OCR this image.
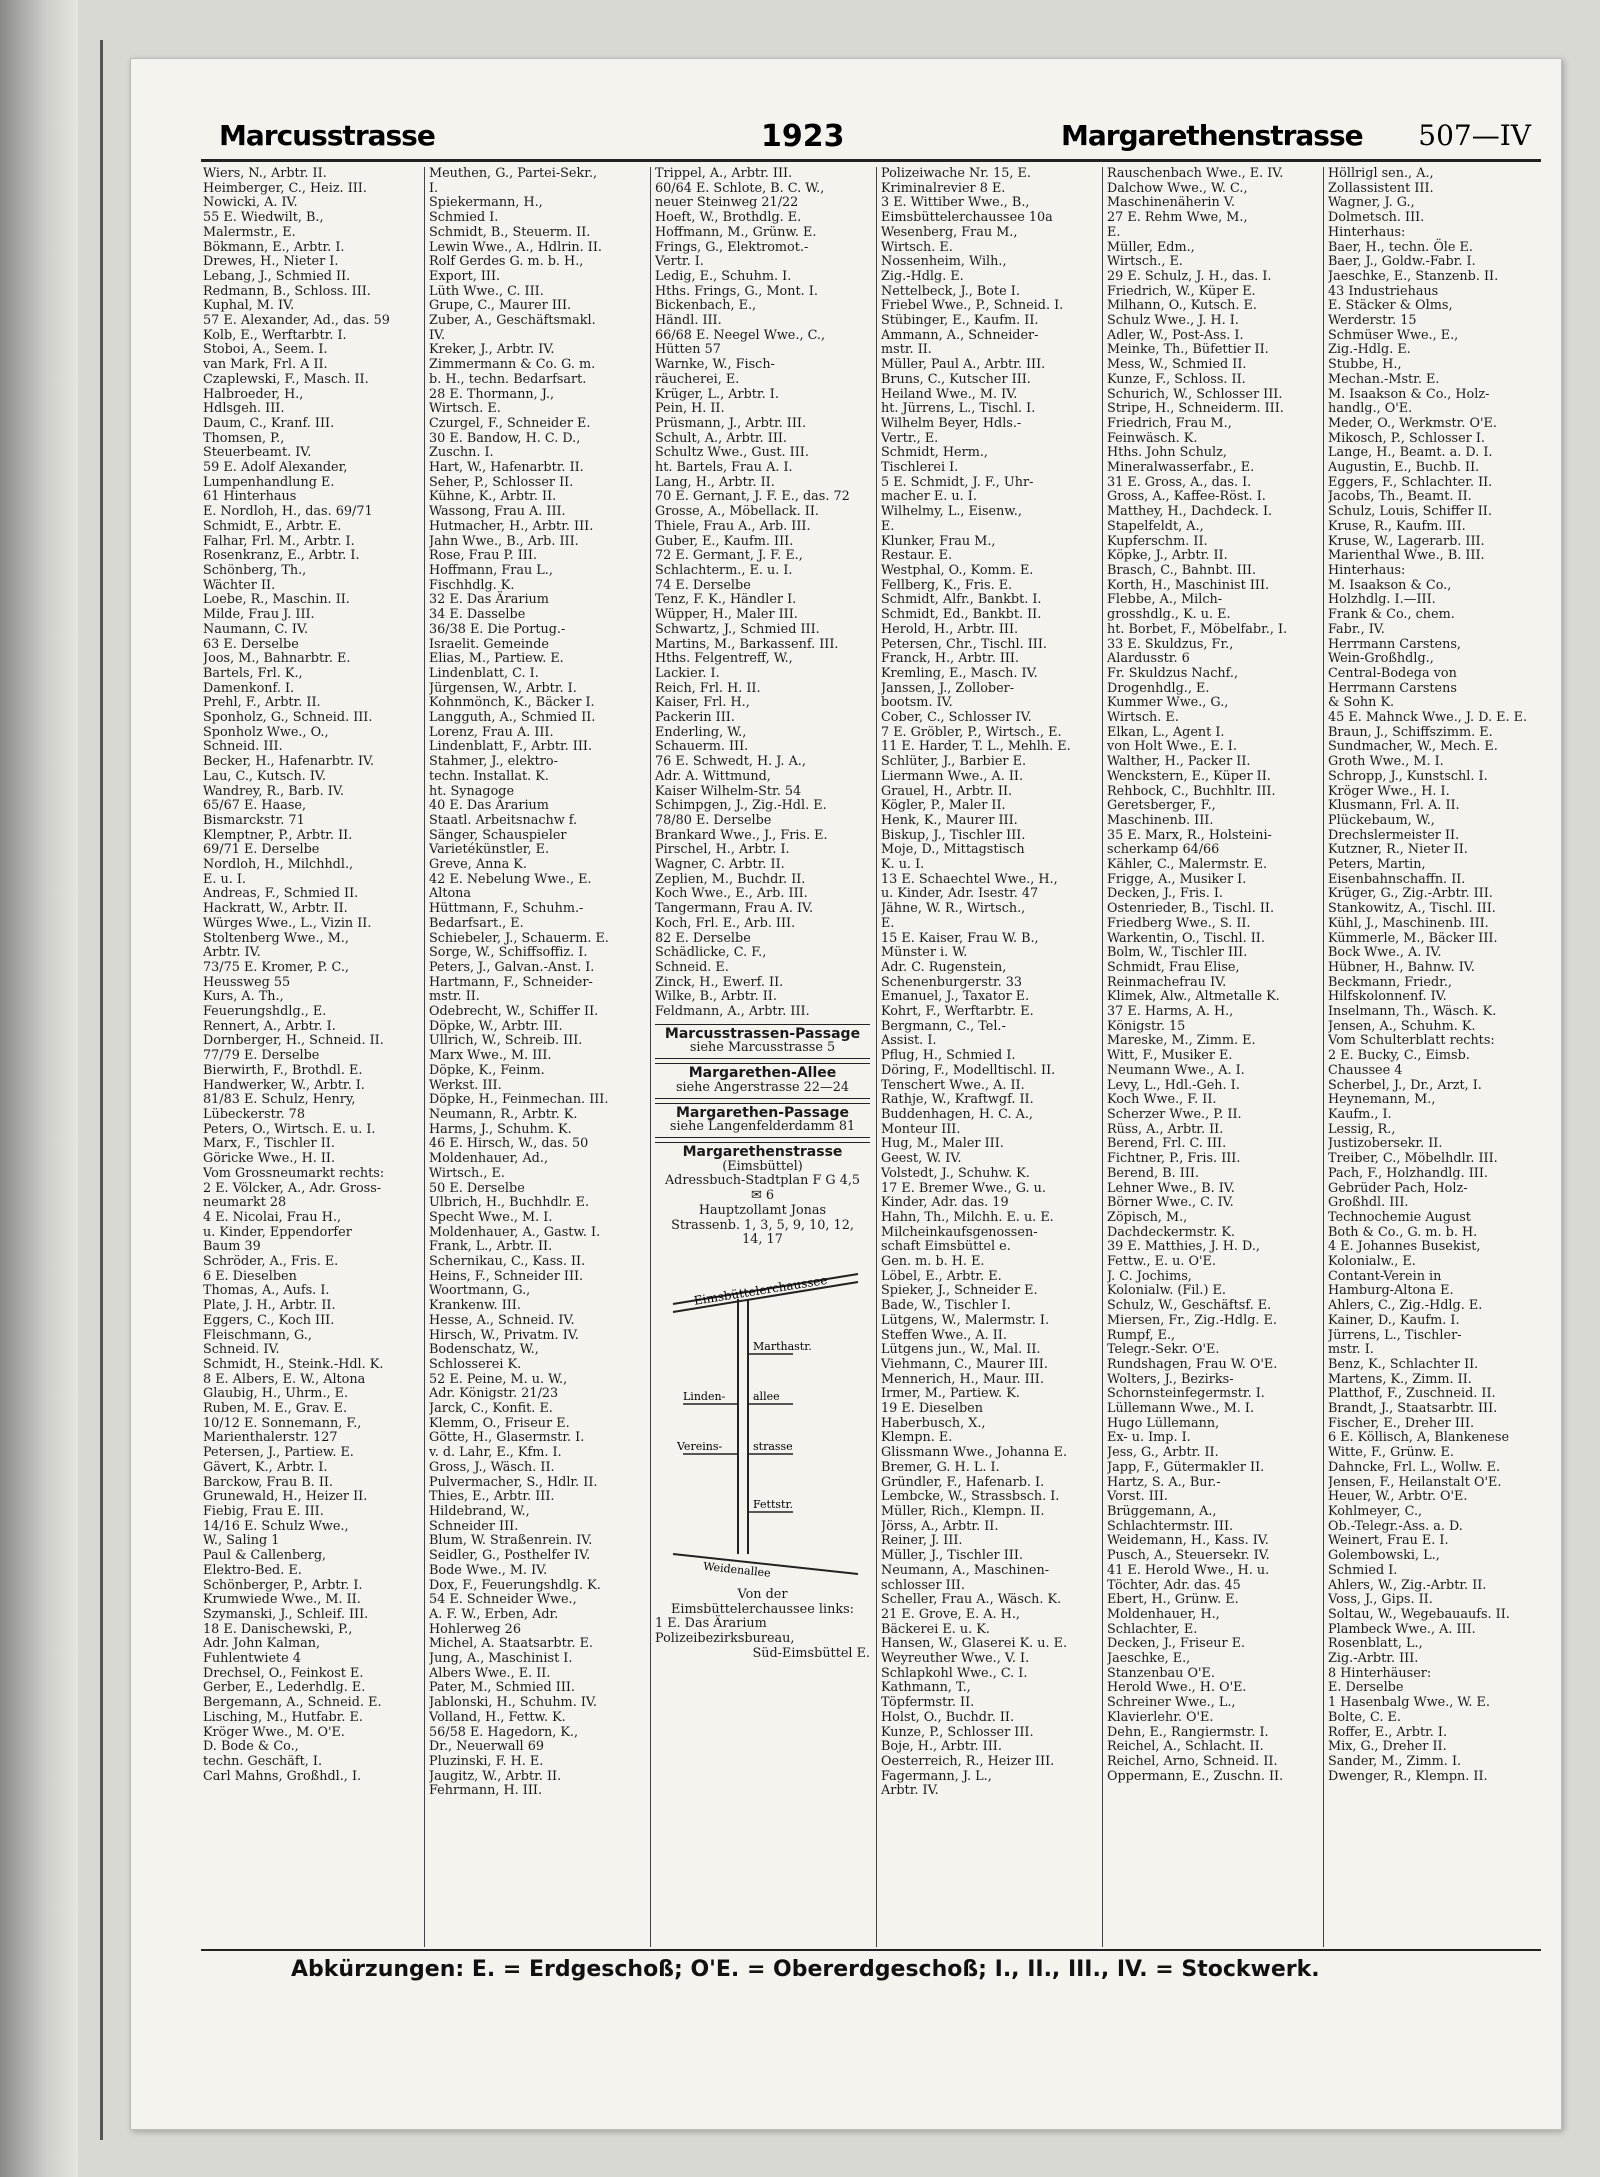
Marcusstrasse	1923	Margarethenstrasse 507—IV
Wiers, N., Arbtr. II.
Heimberger, C., Heiz. III.
Nowicki, A. IV.
55 E. Wiedwilt, B.,
Malermstr., E.
Bökmann, E., Arbtr. I.
Drewes, H., Nieter I.
Lebang, J., Schmied II.
Redmann, B., Schloss. III.
Kuphal, M. IV.
57 E. Alexander, Ad., das. 59
Kolb, E., Werftarbtr. I.
Stoboi, A., Seem. I.
van Mark, Frl. A II.
Czaplewski, F., Masch. II.
Halbroeder, H.,
Hdlsgeh. III.
Daum, C., Kranf. III.
Thomsen, P.,
Steuerbeamt. IV.
59 E. Adolf Alexander,
Lumpenhandlung E.
61 Hinterhaus
E. Nordloh, H., das. 69/71
Schmidt, E., Arbtr. E.
Falhar, Frl. M., Arbtr. I.
Rosenkranz, E., Arbtr. I.
Schönberg, Th.,
Wächter II.
Loebe, R., Maschin. II.
Milde, Frau J. III.
Naumann, C. IV.
63 E. Derselbe
Joos, M., Bahnarbtr. E.
Bartels, Frl. K.,
Damenkonf. I.
Prehl, F., Arbtr. II.
Sponholz, G., Schneid. III.
Sponholz Wwe., O.,
Schneid. III.
Becker, H., Hafenarbtr. IV.
Lau, C., Kutsch. IV.
Wandrey, R., Barb. IV.
65/67 E. Haase,
Bismarckstr. 71
Klemptner, P., Arbtr. II.
69/71 E. Derselbe
Nordloh, H., Milchhdl.,
E. u. I.
Andreas, F., Schmied II.
Hackratt, W., Arbtr. II.
Würges Wwe., L., Vizin II.
Stoltenberg Wwe., M.,
Arbtr. IV.
73/75 E. Kromer, P. C.,
Heussweg 55
Kurs, A. Th.,
Feuerungshdlg., E.
Rennert, A., Arbtr. I.
Dornberger, H., Schneid. II.
77/79 E. Derselbe
Bierwirth, F., Brothdl. E.
Handwerker, W., Arbtr. I.
81/83 E. Schulz, Henry,
Lübeckerstr. 78
Peters, O., Wirtsch. E. u. I.
Marx, F., Tischler II.
Göricke Wwe., H. II.
Vom Grossneumarkt rechts:
2 E. Völcker, A., Adr. Gross-
neumarkt 28
4 E. Nicolai, Frau H.,
u. Kinder, Eppendorfer
Baum 39
Schröder, A., Fris. E.
6 E. Dieselben
Thomas, A., Aufs. I.
Plate, J. H., Arbtr. II.
Eggers, C., Koch III.
Fleischmann, G.,
Schneid. IV.
Schmidt, H., Steink.-Hdl. K.
8 E. Albers, E. W., Altona
Glaubig, H., Uhrm., E.
Ruben, M. E., Grav. E.
10/12 E. Sonnemann, F.,
Marienthalerstr. 127
Petersen, J., Partiew. E.
Gävert, K., Arbtr. I.
Barckow, Frau B. II.
Grunewald, H., Heizer II.
Fiebig, Frau E. III.
14/16 E. Schulz Wwe.,
W., Saling 1
Paul & Callenberg,
Elektro-Bed. E.
Schönberger, P., Arbtr. I.
Krumwiede Wwe., M. II.
Szymanski, J., Schleif. III.
18 E. Danischewski, P.,
Adr. John Kalman,
Fuhlentwiete 4
Drechsel, O., Feinkost E.
Gerber, E., Lederhdlg. E.
Bergemann, A., Schneid. E.
Lisching, M., Hutfabr. E.
Kröger Wwe., M. O'E.
D. Bode & Co.,
techn. Geschäft, I.
Carl Mahns, Großhdl., I.
Meuthen, G., Partei-Sekr.,
I.
Spiekermann, H.,
Schmied I.
Schmidt, B., Steuerm. II.
Lewin Wwe., A., Hdlrin. II.
Rolf Gerdes G. m. b. H.,
Export, III.
Lüth Wwe., C. III.
Grupe, C., Maurer III.
Zuber, A., Geschäftsmakl.
IV.
Kreker, J., Arbtr. IV.
Zimmermann & Co. G. m.
b. H., techn. Bedarfsart.
28 E. Thormann, J.,
Wirtsch. E.
Czurgel, F., Schneider E.
30 E. Bandow, H. C. D.,
Zuschn. I.
Hart, W., Hafenarbtr. II.
Seher, P., Schlosser II.
Kühne, K., Arbtr. II.
Wassong, Frau A. III.
Hutmacher, H., Arbtr. III.
Jahn Wwe., B., Arb. III.
Rose, Frau P. III.
Hoffmann, Frau L.,
Fischhdlg. K.
32 E. Das Ärarium
34 E. Dasselbe
36/38 E. Die Portug.-
Israelit. Gemeinde
Elias, M., Partiew. E.
Lindenblatt, C. I.
Jürgensen, W., Arbtr. I.
Kohnmönch, K., Bäcker I.
Langguth, A., Schmied II.
Lorenz, Frau A. III.
Lindenblatt, F., Arbtr. III.
Stahmer, J., elektro-
techn. Installat. K.
ht. Synagoge
40 E. Das Ärarium
Staatl. Arbeitsnachw f.
Sänger, Schauspieler
Varietékünstler, E.
Greve, Anna K.
42 E. Nebelung Wwe., E.
Altona
Hüttmann, F., Schuhm.-
Bedarfsart., E.
Schiebeler, J., Schauerm. E.
Sorge, W., Schiffsoffiz. I.
Peters, J., Galvan.-Anst. I.
Hartmann, F., Schneider-
mstr. II.
Odebrecht, W., Schiffer II.
Döpke, W., Arbtr. III.
Ullrich, W., Schreib. III.
Marx Wwe., M. III.
Döpke, K., Feinm.
Werkst. III.
Döpke, H., Feinmechan. III.
Neumann, R., Arbtr. K.
Harms, J., Schuhm. K.
46 E. Hirsch, W., das. 50
Moldenhauer, Ad.,
Wirtsch., E.
50 E. Derselbe
Ulbrich, H., Buchhdlr. E.
Specht Wwe., M. I.
Moldenhauer, A., Gastw. I.
Frank, L., Arbtr. II.
Schernikau, C., Kass. II.
Heins, F., Schneider III.
Woortmann, G.,
Krankenw. III.
Hesse, A., Schneid. IV.
Hirsch, W., Privatm. IV.
Bodenschatz, W.,
Schlosserei K.
52 E. Peine, M. u. W.,
Adr. Königstr. 21/23
Jarck, C., Konfit. E.
Klemm, O., Friseur E.
Götte, H., Glasermstr. I.
v. d. Lahr, E., Kfm. I.
Gross, J., Wäsch. II.
Pulvermacher, S., Hdlr. II.
Thies, E., Arbtr. III.
Hildebrand, W.,
Schneider III.
Blum, W. Straßenrein. IV.
Seidler, G., Posthelfer IV.
Bode Wwe., M. IV.
Dox, F., Feuerungshdlg. K.
54 E. Schneider Wwe.,
A. F. W., Erben, Adr.
Hohlerweg 26
Michel, A. Staatsarbtr. E.
Jung, A., Maschinist I.
Albers Wwe., E. II.
Pater, M., Schmied III.
Jablonski, H., Schuhm. IV.
Volland, H., Fettw. K.
56/58 E. Hagedorn, K.,
Dr., Neuerwall 69
Pluzinski, F. H. E.
Jaugitz, W., Arbtr. II.
Fehrmann, H. III.
Trippel, A., Arbtr. III.
60/64 E. Schlote, B. C. W.,
neuer Steinweg 21/22
Hoeft, W., Brothdlg. E.
Hoffmann, M., Grünw. E.
Frings, G., Elektromot.-
Vertr. I.
Ledig, E., Schuhm. I.
Hths. Frings, G., Mont. I.
Bickenbach, E.,
Händl. III.
66/68 E. Neegel Wwe., C.,
Hütten 57
Warnke, W., Fisch-
räucherei, E.
Krüger, L., Arbtr. I.
Pein, H. II.
Prüsmann, J., Arbtr. III.
Schult, A., Arbtr. III.
Schultz Wwe., Gust. III.
ht. Bartels, Frau A. I.
Lang, H., Arbtr. II.
70 E. Gernant, J. F. E., das. 72
Grosse, A., Möbellack. II.
Thiele, Frau A., Arb. III.
Guber, E., Kaufm. III.
72 E. Germant, J. F. E.,
Schlachterm., E. u. I.
74 E. Derselbe
Tenz, F. K., Händler I.
Wüpper, H., Maler III.
Schwartz, J., Schmied III.
Martins, M., Barkassenf. III.
Hths. Felgentreff, W.,
Lackier. I.
Reich, Frl. H. II.
Kaiser, Frl. H.,
Packerin III.
Enderling, W.,
Schauerm. III.
76 E. Schwedt, H. J. A.,
Adr. A. Wittmund,
Kaiser Wilhelm-Str. 54
Schimpgen, J., Zig.-Hdl. E.
78/80 E. Derselbe
Brankard Wwe., J., Fris. E.
Pirschel, H., Arbtr. I.
Wagner, C. Arbtr. II.
Zeplien, M., Buchdr. II.
Koch Wwe., E., Arb. III.
Tangermann, Frau A. IV.
Koch, Frl. E., Arb. III.
82 E. Derselbe
Schädlicke, C. F.,
Schneid. E.
Zinck, H., Ewerf. II.
Wilke, B., Arbtr. II.
Feldmann, A., Arbtr. III.
Marcusstrassen-Passage
siehe Marcusstrasse 5
Margarethen-Allee
siehe Angerstrasse 22—24
Margarethen-Passage
siehe Langenfelderdamm 81
Margarethenstrasse
(Eimsbüttel)
Adressbuch-Stadtplan F G 4,5
✉ 6
Hauptzollamt Jonas
Strassenb. 1, 3, 5, 9, 10, 12,
14, 17
Eimsbüttelerchaussee
Marthastr.
Linden-	allee
Vereins-	strasse
Fettstr.
Weidenallee
Von der
Eimsbüttelerchaussee links:
1 E. Das Ärarium
Polizeibezirksbureau,
Süd-Eimsbüttel E.
Polizeiwache Nr. 15, E.
Kriminalrevier 8 E.
3 E. Wittiber Wwe., B.,
Eimsbüttelerchaussee 10a
Wesenberg, Frau M.,
Wirtsch. E.
Nossenheim, Wilh.,
Zig.-Hdlg. E.
Nettelbeck, J., Bote I.
Friebel Wwe., P., Schneid. I.
Stübinger, E., Kaufm. II.
Ammann, A., Schneider-
mstr. II.
Müller, Paul A., Arbtr. III.
Bruns, C., Kutscher III.
Heiland Wwe., M. IV.
ht. Jürrens, L., Tischl. I.
Wilhelm Beyer, Hdls.-
Vertr., E.
Schmidt, Herm.,
Tischlerei I.
5 E. Schmidt, J. F., Uhr-
macher E. u. I.
Wilhelmy, L., Eisenw.,
E.
Klunker, Frau M.,
Restaur. E.
Westphal, O., Komm. E.
Fellberg, K., Fris. E.
Schmidt, Alfr., Bankbt. I.
Schmidt, Ed., Bankbt. II.
Herold, H., Arbtr. III.
Petersen, Chr., Tischl. III.
Franck, H., Arbtr. III.
Kremling, E., Masch. IV.
Janssen, J., Zollober-
bootsm. IV.
Cober, C., Schlosser IV.
7 E. Gröbler, P., Wirtsch., E.
11 E. Harder, T. L., Mehlh. E.
Schlüter, J., Barbier E.
Liermann Wwe., A. II.
Grauel, H., Arbtr. II.
Kögler, P., Maler II.
Henk, K., Maurer III.
Biskup, J., Tischler III.
Moje, D., Mittagstisch
K. u. I.
13 E. Schaechtel Wwe., H.,
u. Kinder, Adr. Isestr. 47
Jähne, W. R., Wirtsch.,
E.
15 E. Kaiser, Frau W. B.,
Münster i. W.
Adr. C. Rugenstein,
Schenenburgerstr. 33
Emanuel, J., Taxator E.
Kohrt, F., Werftarbtr. E.
Bergmann, C., Tel.-
Assist. I.
Pflug, H., Schmied I.
Döring, F., Modelltischl. II.
Tenschert Wwe., A. II.
Rathje, W., Kraftwgf. II.
Buddenhagen, H. C. A.,
Monteur III.
Hug, M., Maler III.
Geest, W. IV.
Volstedt, J., Schuhw. K.
17 E. Bremer Wwe., G. u.
Kinder, Adr. das. 19
Hahn, Th., Milchh. E. u. E.
Milcheinkaufsgenossen-
schaft Eimsbüttel e.
Gen. m. b. H. E.
Löbel, E., Arbtr. E.
Spieker, J., Schneider E.
Bade, W., Tischler I.
Lütgens, W., Malermstr. I.
Steffen Wwe., A. II.
Lütgens jun., W., Mal. II.
Viehmann, C., Maurer III.
Mennerich, H., Maur. III.
Irmer, M., Partiew. K.
19 E. Dieselben
Haberbusch, X.,
Klempn. E.
Glissmann Wwe., Johanna E.
Bremer, G. H. L. I.
Gründler, F., Hafenarb. I.
Lembcke, W., Strassbsch. I.
Müller, Rich., Klempn. II.
Jörss, A., Arbtr. II.
Reiner, J. III.
Müller, J., Tischler III.
Neumann, A., Maschinen-
schlosser III.
Scheller, Frau A., Wäsch. K.
21 E. Grove, E. A. H.,
Bäckerei E. u. K.
Hansen, W., Glaserei K. u. E.
Weyreuther Wwe., V. I.
Schlapkohl Wwe., C. I.
Kathmann, T.,
Töpfermstr. II.
Holst, O., Buchdr. II.
Kunze, P., Schlosser III.
Boje, H., Arbtr. III.
Oesterreich, R., Heizer III.
Fagermann, J. L.,
Arbtr. IV.
Rauschenbach Wwe., E. IV.
Dalchow Wwe., W. C.,
Maschinenäherin V.
27 E. Rehm Wwe, M.,
E.
Müller, Edm.,
Wirtsch., E.
29 E. Schulz, J. H., das. I.
Friedrich, W., Küper E.
Milhann, O., Kutsch. E.
Schulz Wwe., J. H. I.
Adler, W., Post-Ass. I.
Meinke, Th., Büfettier II.
Mess, W., Schmied II.
Kunze, F., Schloss. II.
Schurich, W., Schlosser III.
Stripe, H., Schneiderm. III.
Friedrich, Frau M.,
Feinwäsch. K.
Hths. John Schulz,
Mineralwasserfabr., E.
31 E. Gross, A., das. I.
Gross, A., Kaffee-Röst. I.
Matthey, H., Dachdeck. I.
Stapelfeldt, A.,
Kupferschm. II.
Köpke, J., Arbtr. II.
Brasch, C., Bahnbt. III.
Korth, H., Maschinist III.
Flebbe, A., Milch-
grosshdlg., K. u. E.
ht. Borbet, F., Möbelfabr., I.
33 E. Skuldzus, Fr.,
Alardusstr. 6
Fr. Skuldzus Nachf.,
Drogenhdlg., E.
Kummer Wwe., G.,
Wirtsch. E.
Elkan, L., Agent I.
von Holt Wwe., E. I.
Walther, H., Packer II.
Wenckstern, E., Küper II.
Rehbock, C., Buchhltr. III.
Geretsberger, F.,
Maschinenb. III.
35 E. Marx, R., Holsteini-
scherkamp 64/66
Kähler, C., Malermstr. E.
Frigge, A., Musiker I.
Decken, J., Fris. I.
Ostenrieder, B., Tischl. II.
Friedberg Wwe., S. II.
Warkentin, O., Tischl. II.
Bolm, W., Tischler III.
Schmidt, Frau Elise,
Reinmachefrau IV.
Klimek, Alw., Altmetalle K.
37 E. Harms, A. H.,
Königstr. 15
Mareske, M., Zimm. E.
Witt, F., Musiker E.
Neumann Wwe., A. I.
Levy, L., Hdl.-Geh. I.
Koch Wwe., F. II.
Scherzer Wwe., P. II.
Rüss, A., Arbtr. II.
Berend, Frl. C. III.
Fichtner, P., Fris. III.
Berend, B. III.
Lehner Wwe., B. IV.
Börner Wwe., C. IV.
Zöpisch, M.,
Dachdeckermstr. K.
39 E. Matthies, J. H. D.,
Fettw., E. u. O'E.
J. C. Jochims,
Kolonialw. (Fil.) E.
Schulz, W., Geschäftsf. E.
Miersen, Fr., Zig.-Hdlg. E.
Rumpf, E.,
Telegr.-Sekr. O'E.
Rundshagen, Frau W. O'E.
Wolters, J., Bezirks-
Schornsteinfegermstr. I.
Lüllemann Wwe., M. I.
Hugo Lüllemann,
Ex- u. Imp. I.
Jess, G., Arbtr. II.
Japp, F., Gütermakler II.
Hartz, S. A., Bur.-
Vorst. III.
Brüggemann, A.,
Schlachtermstr. III.
Weidemann, H., Kass. IV.
Pusch, A., Steuersekr. IV.
41 E. Herold Wwe., H. u.
Töchter, Adr. das. 45
Ebert, H., Grünw. E.
Moldenhauer, H.,
Schlachter, E.
Decken, J., Friseur E.
Jaeschke, E.,
Stanzenbau O'E.
Herold Wwe., H. O'E.
Schreiner Wwe., L.,
Klavierlehr. O'E.
Dehn, E., Rangiermstr. I.
Reichel, A., Schlacht. II.
Reichel, Arno, Schneid. II.
Oppermann, E., Zuschn. II.
Höllrigl sen., A.,
Zollassistent III.
Wagner, J. G.,
Dolmetsch. III.
Hinterhaus:
Baer, H., techn. Öle E.
Baer, J., Goldw.-Fabr. I.
Jaeschke, E., Stanzenb. II.
43 Industriehaus
E. Stäcker & Olms,
Werderstr. 15
Schmüser Wwe., E.,
Zig.-Hdlg. E.
Stubbe, H.,
Mechan.-Mstr. E.
M. Isaakson & Co., Holz-
handlg., O'E.
Meder, O., Werkmstr. O'E.
Mikosch, P., Schlosser I.
Lange, H., Beamt. a. D. I.
Augustin, E., Buchb. II.
Eggers, F., Schlachter. II.
Jacobs, Th., Beamt. II.
Schulz, Louis, Schiffer II.
Kruse, R., Kaufm. III.
Kruse, W., Lagerarb. III.
Marienthal Wwe., B. III.
Hinterhaus:
M. Isaakson & Co.,
Holzhdlg. I.—III.
Frank & Co., chem.
Fabr., IV.
Herrmann Carstens,
Wein-Großhdlg.,
Central-Bodega von
Herrmann Carstens
& Sohn K.
45 E. Mahnck Wwe., J. D. E. E.
Braun, J., Schiffszimm. E.
Sundmacher, W., Mech. E.
Groth Wwe., M. I.
Schropp, J., Kunstschl. I.
Kröger Wwe., H. I.
Klusmann, Frl. A. II.
Plückebaum, W.,
Drechslermeister II.
Kutzner, R., Nieter II.
Peters, Martin,
Eisenbahnschaffn. II.
Krüger, G., Zig.-Arbtr. III.
Stankowitz, A., Tischl. III.
Kühl, J., Maschinenb. III.
Kümmerle, M., Bäcker III.
Bock Wwe., A. IV.
Hübner, H., Bahnw. IV.
Beckmann, Friedr.,
Hilfskolonnenf. IV.
Inselmann, Th., Wäsch. K.
Jensen, A., Schuhm. K.
Vom Schulterblatt rechts:
2 E. Bucky, C., Eimsb.
Chaussee 4
Scherbel, J., Dr., Arzt, I.
Heynemann, M.,
Kaufm., I.
Lessig, R.,
Justizobersekr. II.
Treiber, C., Möbelhdlr. III.
Pach, F., Holzhandlg. III.
Gebrüder Pach, Holz-
Großhdl. III.
Technochemie August
Both & Co., G. m. b. H.
4 E. Johannes Busekist,
Kolonialw., E.
Contant-Verein in
Hamburg-Altona E.
Ahlers, C., Zig.-Hdlg. E.
Kainer, D., Kaufm. I.
Jürrens, L., Tischler-
mstr. I.
Benz, K., Schlachter II.
Martens, K., Zimm. II.
Platthof, F., Zuschneid. II.
Brandt, J., Staatsarbtr. III.
Fischer, E., Dreher III.
6 E. Köllisch, A, Blankenese
Witte, F., Grünw. E.
Dahncke, Frl. L., Wollw. E.
Jensen, F., Heilanstalt O'E.
Heuer, W., Arbtr. O'E.
Kohlmeyer, C.,
Ob.-Telegr.-Ass. a. D.
Weinert, Frau E. I.
Golembowski, L.,
Schmied I.
Ahlers, W., Zig.-Arbtr. II.
Voss, J., Gips. II.
Soltau, W., Wegebauaufs. II.
Plambeck Wwe., A. III.
Rosenblatt, L.,
Zig.-Arbtr. III.
8 Hinterhäuser:
E. Derselbe
1 Hasenbalg Wwe., W. E.
Bolte, C. E.
Roffer, E., Arbtr. I.
Mix, G., Dreher II.
Sander, M., Zimm. I.
Dwenger, R., Klempn. II.
Abkürzungen: E. = Erdgeschoß; O'E. = Obererdgeschoß; I., II., III., IV. = Stockwerk.
